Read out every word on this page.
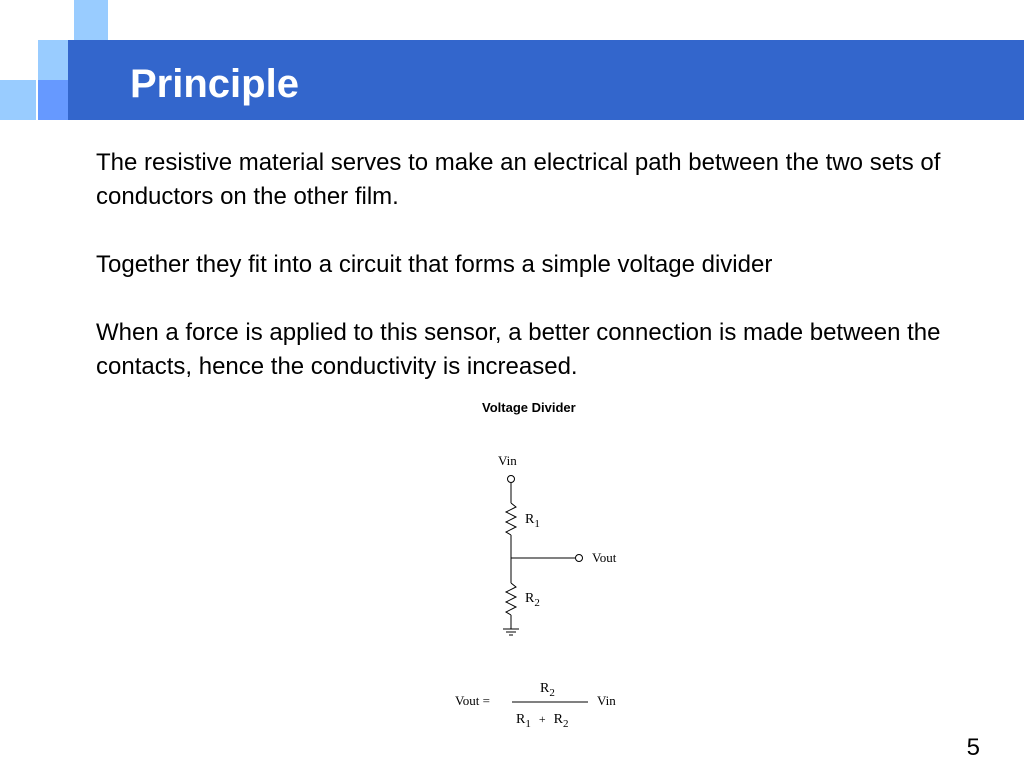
Principle

The resistive material serves to make an electrical path between the two sets of conductors on the other film.

Together they fit into a circuit that forms a simple voltage divider

When a force is applied to this sensor, a better connection is made between the contacts, hence the conductivity is increased.

Voltage Divider
Vin
$R_1$
Vout
$R_2$
Vout =
$R_2$
$R_1 + R_2$
Vin
5
